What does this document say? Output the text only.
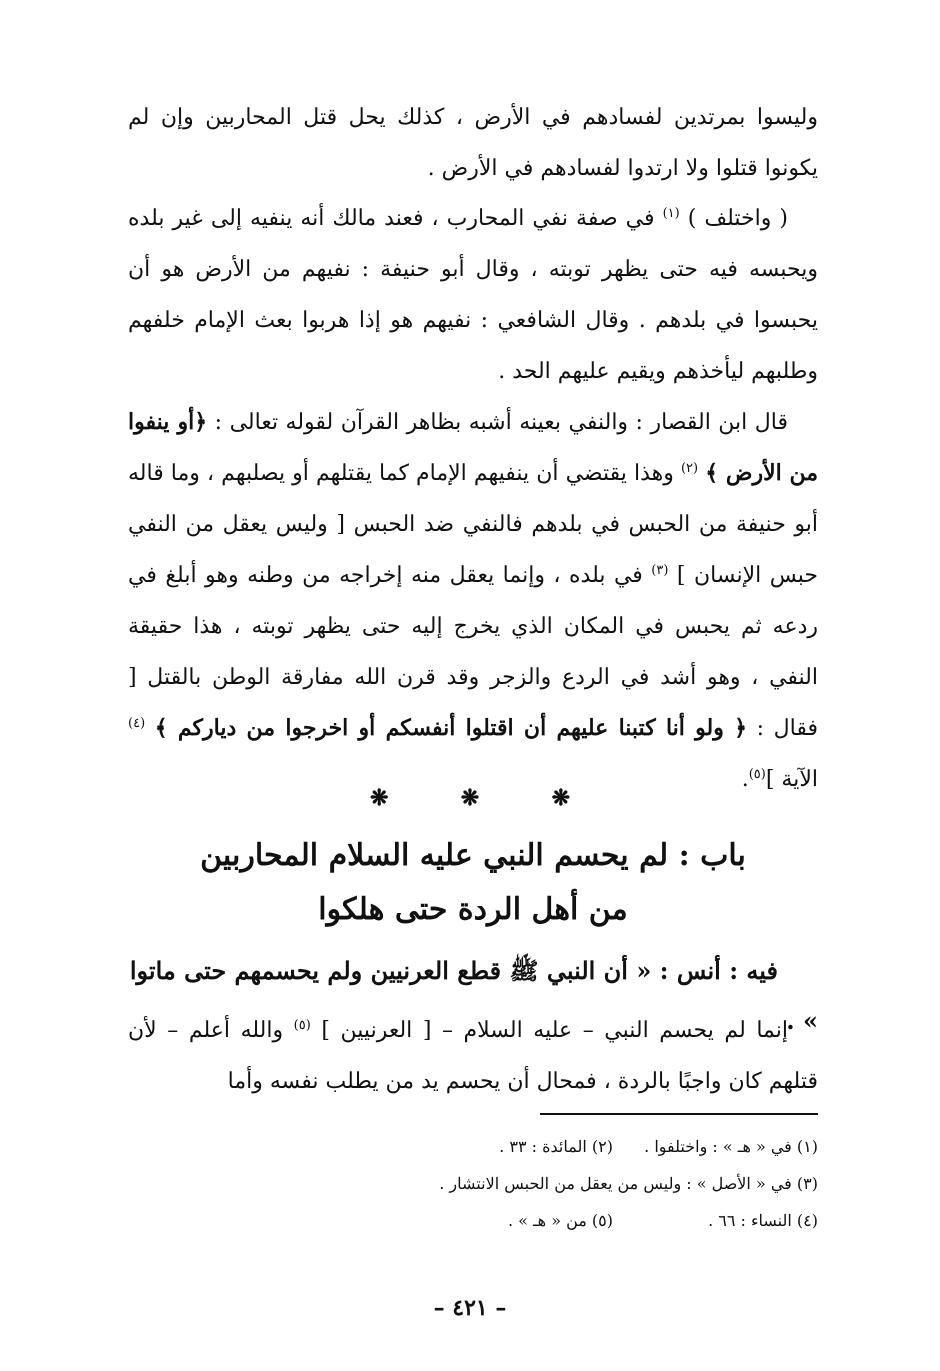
وليسوا بمرتدين لفسادهم في الأرض ، كذلك يحل قتل المحاربين وإن لم يكونوا قتلوا ولا ارتدوا لفسادهم في الأرض .

( واختلف ) $^{(١)}$ في صفة نفي المحارب ، فعند مالك أنه ينفيه إلى غير بلده ويحبسه فيه حتى يظهر توبته ، وقال أبو حنيفة : نفيهم من الأرض هو أن يحبسوا في بلدهم . وقال الشافعي : نفيهم هو إذا هربوا بعث الإمام خلفهم وطلبهم ليأخذهم ويقيم عليهم الحد .

قال ابن القصار : والنفي بعينه أشبه بظاهر القرآن لقوله تعالى : ﴿أو ينفوا من الأرض ﴾ $^{(٢)}$ وهذا يقتضي أن ينفيهم الإمام كما يقتلهم أو يصلبهم ، وما قاله أبو حنيفة من الحبس في بلدهم فالنفي ضد الحبس [ وليس يعقل من النفي حبس الإنسان ] $^{(٣)}$ في بلده ، وإنما يعقل منه إخراجه من وطنه وهو أبلغ في ردعه ثم يحبس في المكان الذي يخرج إليه حتى يظهر توبته ، هذا حقيقة النفي ، وهو أشد في الردع والزجر وقد قرن الله مفارقة الوطن بالقتل [ فقال : ﴿ ولو أنا كتبنا عليهم أن اقتلوا أنفسكم أو اخرجوا من دياركم ﴾ $^{(٤)}$ الآية ]$^{(٥)}$.

❋	❋	❋
باب : لم يحسم النبي عليه السلام المحاربين
من أهل الردة حتى هلكوا

فيه : أنس : « أن النبي ﷺ قطع العرنيين ولم يحسمهم حتى ماتوا » .

إنما لم يحسم النبي – عليه السلام – [ العرنيين ] $^{(٥)}$ والله أعلم – لأن قتلهم كان واجبًا بالردة ، فمحال أن يحسم يد من يطلب نفسه وأما

(١) في « هـ » : واختلفوا .
(٢) المائدة : ٣٣ .
(٣) في « الأصل » : وليس من يعقل من الحبس الانتشار .
(٤) النساء : ٦٦ .
(٥) من « هـ » .
– ٤٢١ –
